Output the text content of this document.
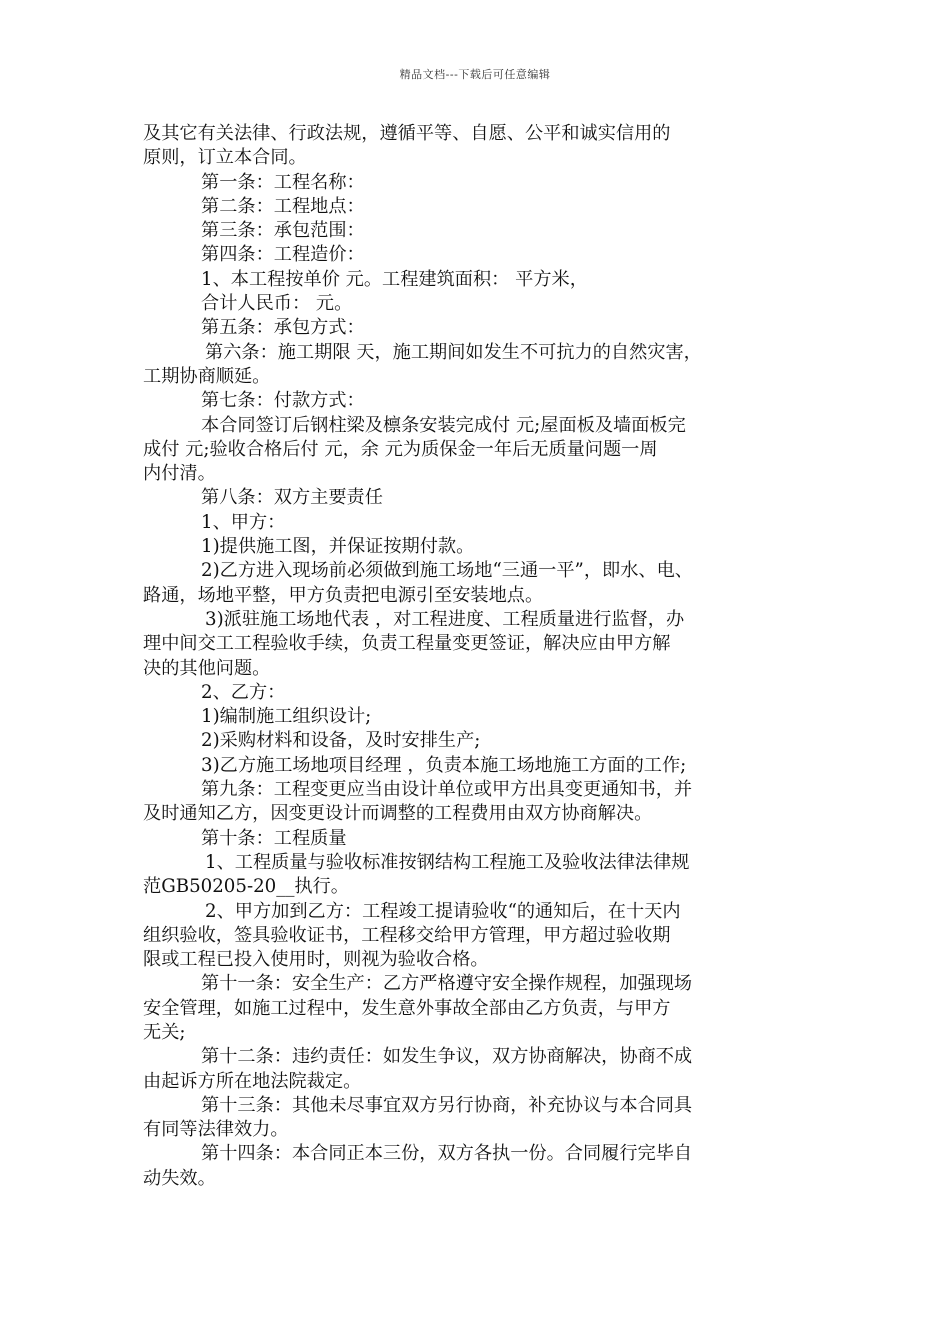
精品文档---下载后可任意编辑
及其它有关法律、行政法规，遵循平等、自愿、公平和诚实信用的
原则，订立本合同。
第一条：工程名称：
第二条：工程地点：
第三条：承包范围：
第四条：工程造价：
1、本工程按单价 元。工程建筑面积： 平方米，
合计人民币： 元。
第五条：承包方式：
第六条：施工期限 天，施工期间如发生不可抗力的自然灾害，
工期协商顺延。
第七条：付款方式：
本合同签订后钢柱梁及檩条安装完成付 元;屋面板及墙面板完
成付 元;验收合格后付 元，余 元为质保金一年后无质量问题一周
内付清。
第八条：双方主要责任
1、甲方：
1)提供施工图，并保证按期付款。
2)乙方进入现场前必须做到施工场地“三通一平”，即水、电、
路通，场地平整，甲方负责把电源引至安装地点。
3)派驻施工场地代表 ，对工程进度、工程质量进行监督，办
理中间交工工程验收手续，负责工程量变更签证，解决应由甲方解
决的其他问题。
2、乙方：
1)编制施工组织设计;
2)采购材料和设备，及时安排生产;
3)乙方施工场地项目经理 ，负责本施工场地施工方面的工作;
第九条：工程变更应当由设计单位或甲方出具变更通知书，并
及时通知乙方，因变更设计而调整的工程费用由双方协商解决。
第十条：工程质量
1、工程质量与验收标准按钢结构工程施工及验收法律法律规
范GB50205-20__执行。
2、甲方加到乙方：工程竣工提请验收“的通知后，在十天内
组织验收，签具验收证书，工程移交给甲方管理，甲方超过验收期
限或工程已投入使用时，则视为验收合格。
第十一条：安全生产：乙方严格遵守安全操作规程，加强现场
安全管理，如施工过程中，发生意外事故全部由乙方负责，与甲方
无关;
第十二条：违约责任：如发生争议，双方协商解决，协商不成
由起诉方所在地法院裁定。
第十三条：其他未尽事宜双方另行协商，补充协议与本合同具
有同等法律效力。
第十四条：本合同正本三份，双方各执一份。合同履行完毕自
动失效。
